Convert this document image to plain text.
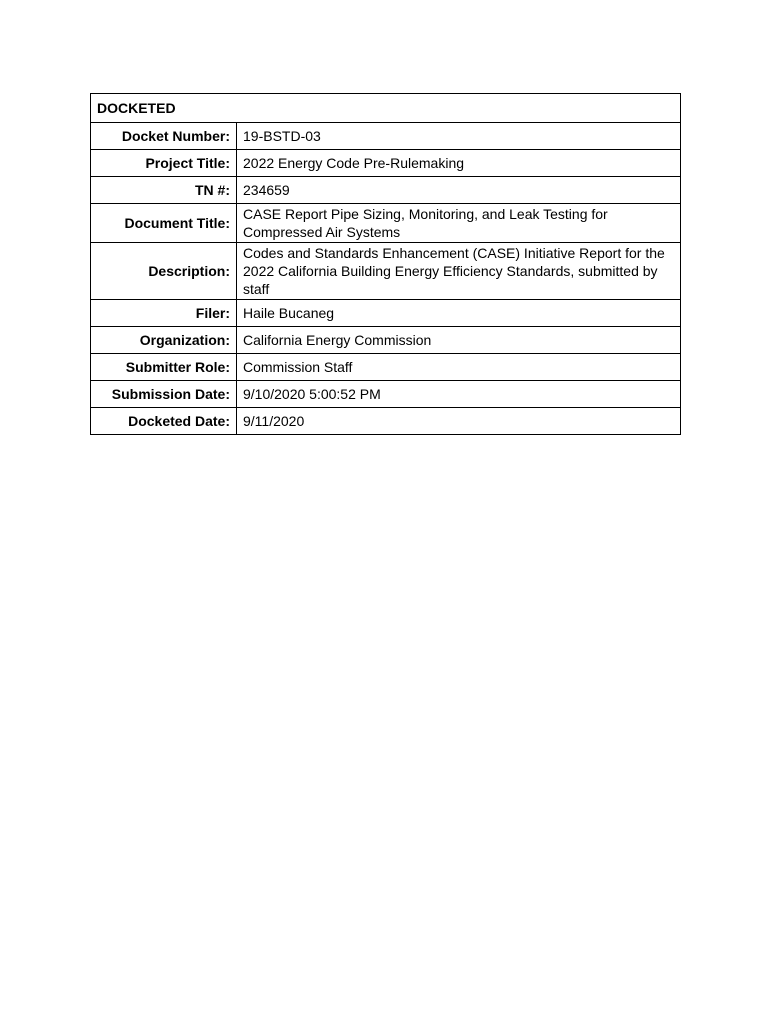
DOCKETED	
Docket Number:	19-BSTD-03
Project Title:	2022 Energy Code Pre-Rulemaking
TN #:	234659
Document Title:	CASE Report Pipe Sizing, Monitoring, and Leak Testing for Compressed Air Systems
Description:	Codes and Standards Enhancement (CASE) Initiative Report for the 2022 California Building Energy Efficiency Standards, submitted by staff
Filer:	Haile Bucaneg
Organization:	California Energy Commission
Submitter Role:	Commission Staff
Submission Date:	9/10/2020 5:00:52 PM
Docketed Date:	9/11/2020
